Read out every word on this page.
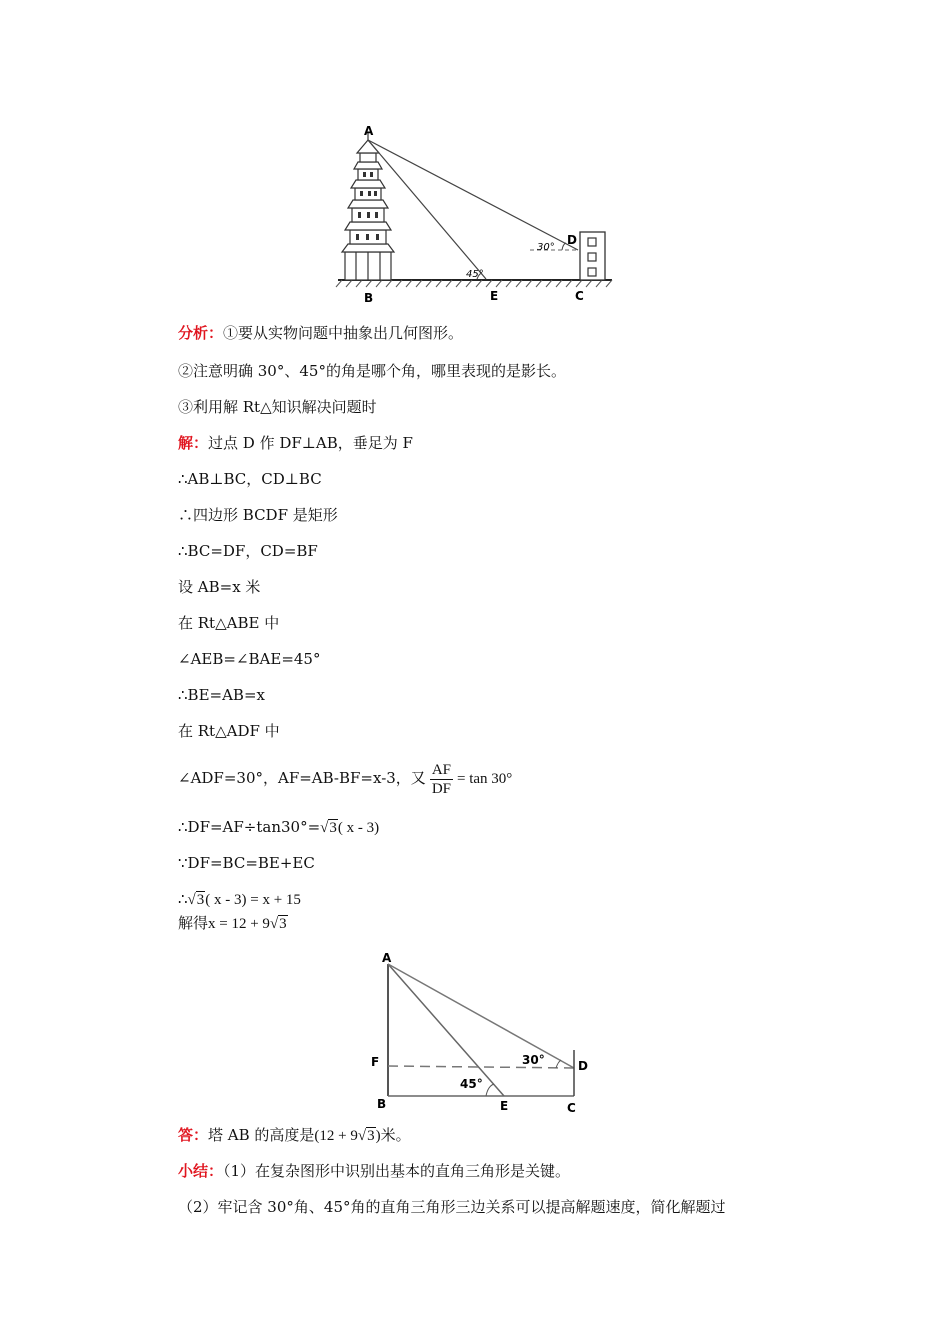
A
B	E	C
D
30°
45°
分析：①要从实物问题中抽象出几何图形。
②注意明确 30°、45°的角是哪个角，哪里表现的是影长。
③利用解 Rt△知识解决问题时
解：过点 D 作 DF⊥AB，垂足为 F
∴AB⊥BC，CD⊥BC
∴四边形 BCDF 是矩形
∴BC=DF，CD=BF
设 AB=x 米
在 Rt△ABE 中
∠AEB=∠BAE=45°
∴BE=AB=x
在 Rt△ADF 中
∠ADF=30°，AF=AB-BF=x-3，又 $\frac{AF}{DF} = \tan 30^\circ$
∴DF=AF÷tan30°=√3( x - 3)
∵DF=BC=BE+EC
∴√3( x - 3) = x + 15
解得x = 12 + 9√3
A
F
B	E	C
D
30°
45°
答：塔 AB 的高度是(12 + 9√3)米。
小结：（1）在复杂图形中识别出基本的直角三角形是关键。
（2）牢记含 30°角、45°角的直角三角形三边关系可以提高解题速度，简化解题过
